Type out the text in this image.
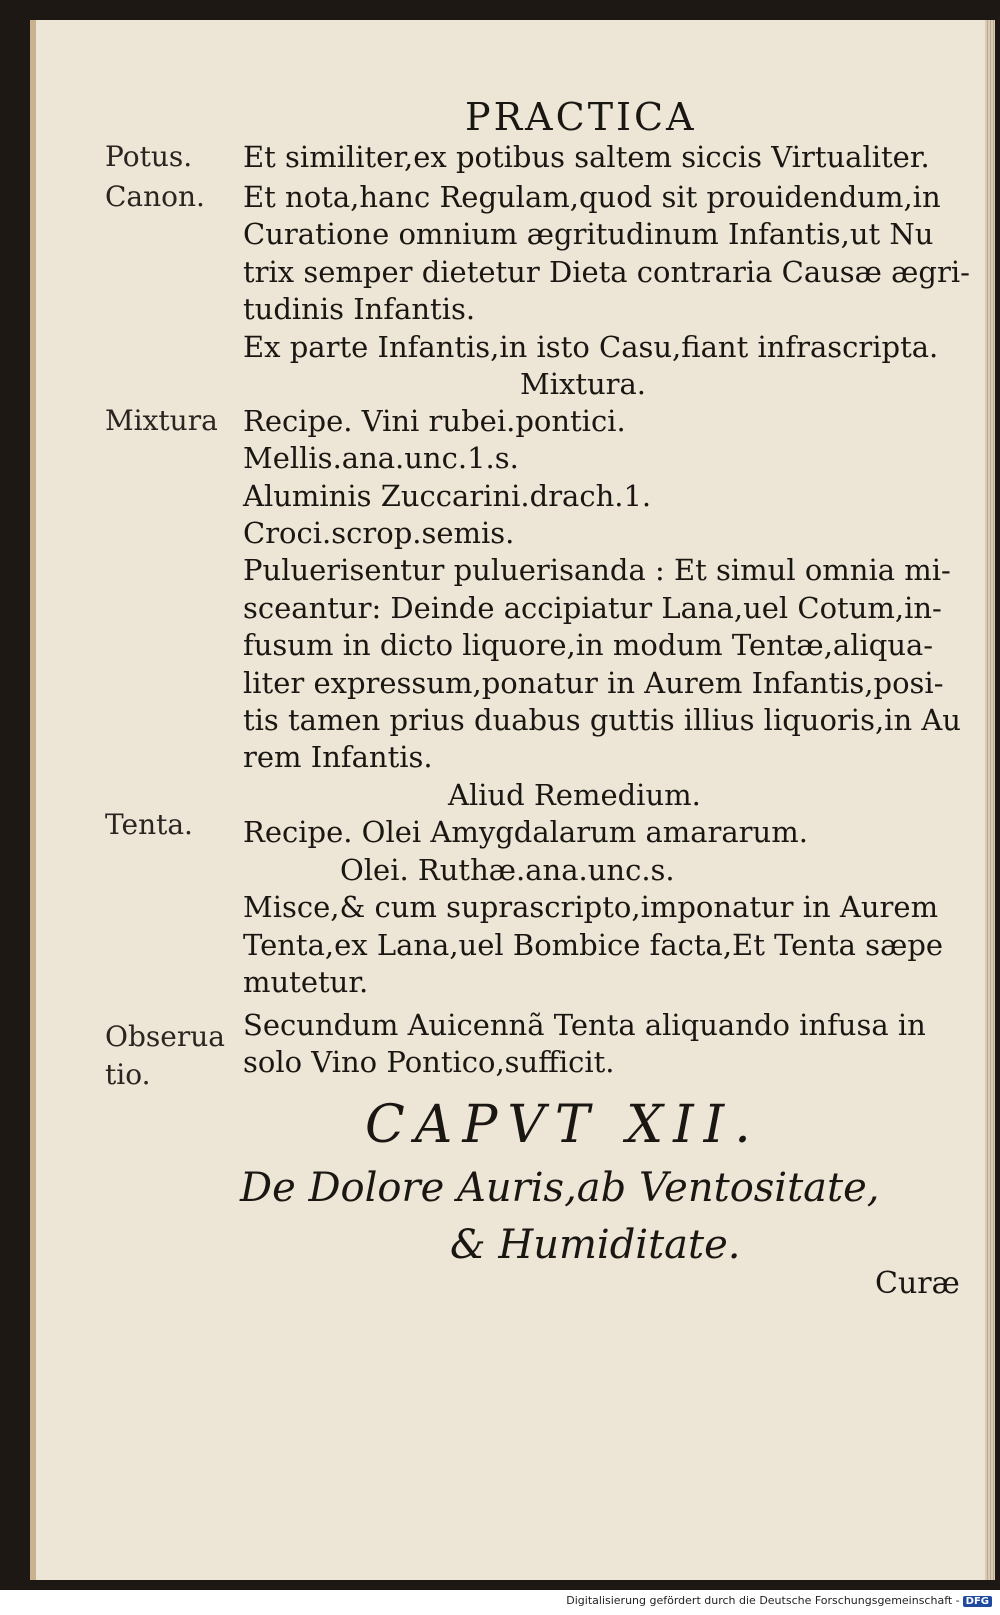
PRACTICA
Potus.
Canon.
Mixtura
Tenta.
Obserua
tio.
Et similiter,ex potibus saltem siccis Virtualiter.
Et nota,hanc Regulam,quod sit prouidendum,in
Curatione omnium ægritudinum Infantis,ut Nu
trix semper dietetur Dieta contraria Causæ ægri-
tudinis Infantis.
Ex parte Infantis,in isto Casu,fiant infrascripta.
Mixtura.
Recipe. Vini rubei.pontici.
Mellis.ana.unc.1.s.
Aluminis Zuccarini.drach.1.
Croci.scrop.semis.
Puluerisentur puluerisanda : Et simul omnia mi-
sceantur: Deinde accipiatur Lana,uel Cotum,in-
fusum in dicto liquore,in modum Tentæ,aliqua-
liter expressum,ponatur in Aurem Infantis,posi-
tis tamen prius duabus guttis illius liquoris,in Au
rem Infantis.
Aliud Remedium.
Recipe. Olei Amygdalarum amararum.
Olei. Ruthæ.ana.unc.s.
Misce,& cum suprascripto,imponatur in Aurem
Tenta,ex Lana,uel Bombice facta,Et Tenta sæpe
mutetur.
Secundum Auicennã Tenta aliquando infusa in
solo Vino Pontico,sufficit.
CAPVT XII.
De Dolore Auris,ab Ventositate,
& Humiditate.
Curæ
Digitalisierung gefördert durch die Deutsche Forschungsgemeinschaft - DFG
